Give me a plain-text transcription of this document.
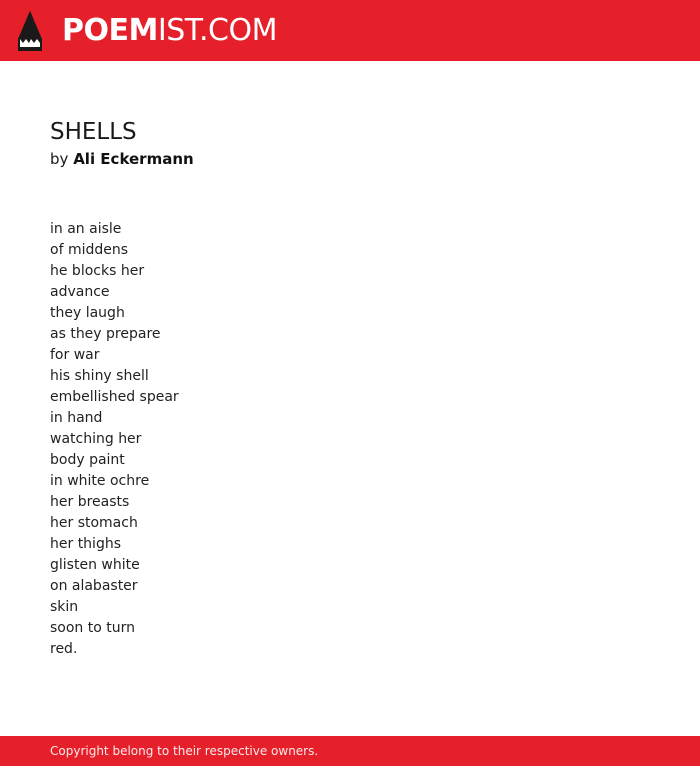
POEMIST.COM
SHELLS
by Ali Eckermann
in an aisle
of middens
he blocks her
advance
they laugh
as they prepare
for war
his shiny shell
embellished spear
in hand
watching her
body paint
in white ochre
her breasts
her stomach
her thighs
glisten white
on alabaster
skin
soon to turn
red.
Copyright belong to their respective owners.
